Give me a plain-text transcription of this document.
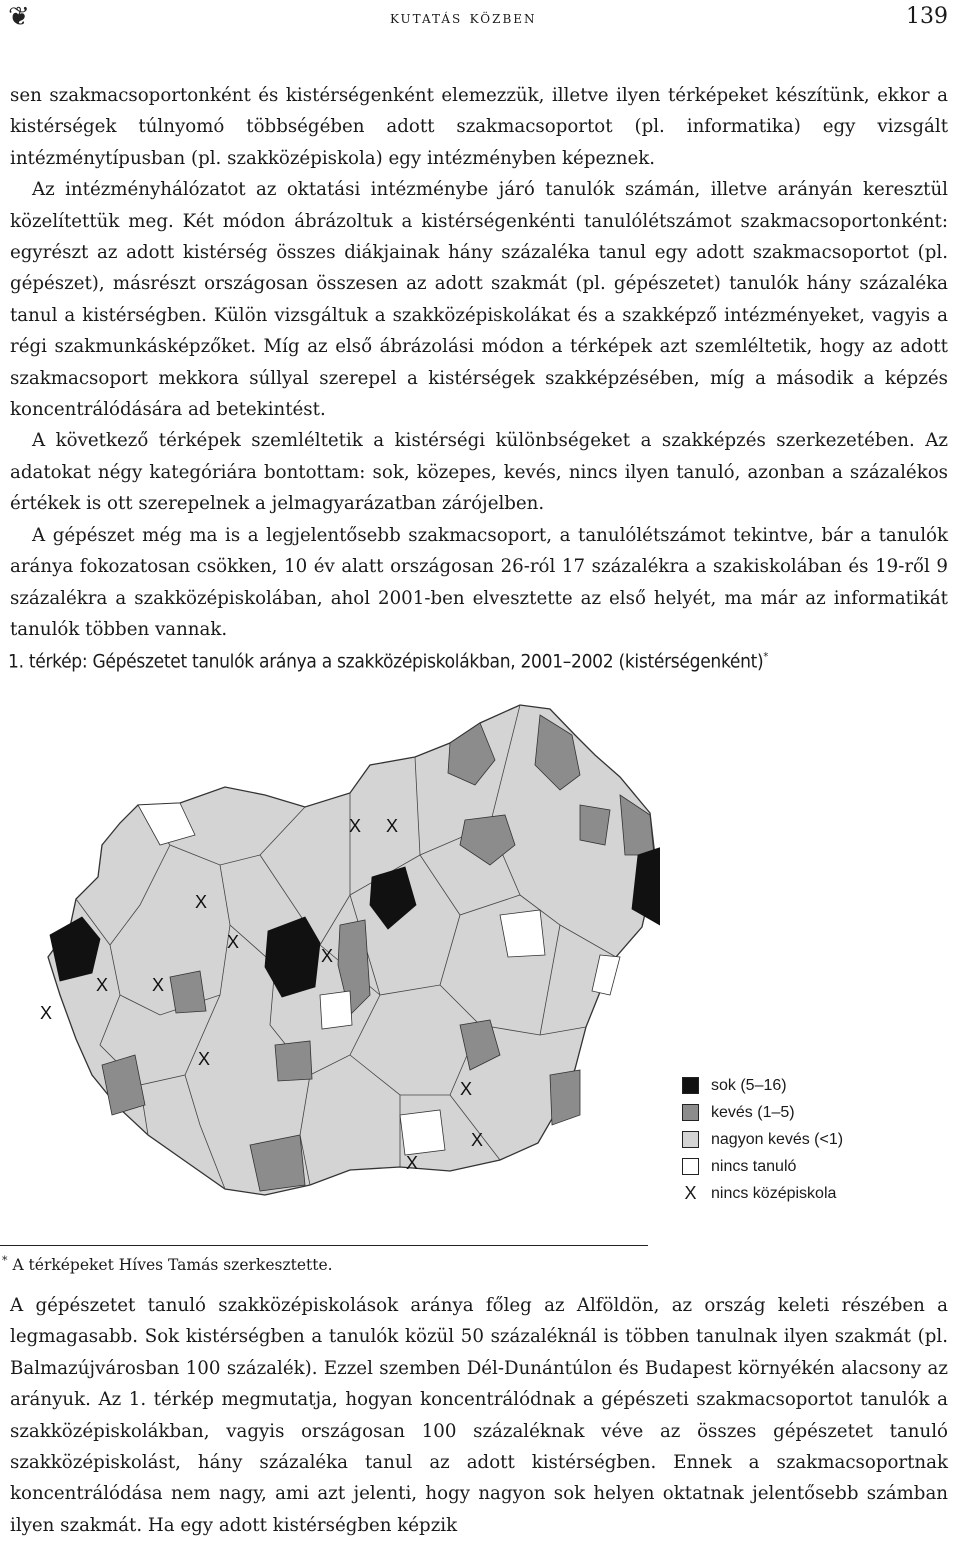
❦	kutatás közben	139

sen szakmacsoportonként és kistérségenként elemezzük, illetve ilyen térképeket készítünk, ekkor a kistérségek túlnyomó többségében adott szakmacsoportot (pl. informatika) egy vizsgált intézménytípusban (pl. szakközépiskola) egy intézményben képeznek.

Az intézményhálózatot az oktatási intézménybe járó tanulók számán, illetve arányán keresztül közelítettük meg. Két módon ábrázoltuk a kistérségenkénti tanulólétszámot szakmacsoportonként: egyrészt az adott kistérség összes diákjainak hány százaléka tanul egy adott szakmacsoportot (pl. gépészet), másrészt országosan összesen az adott szakmát (pl. gépészetet) tanulók hány százaléka tanul a kistérségben. Külön vizsgáltuk a szakközépiskolákat és a szakképző intézményeket, vagyis a régi szakmunkásképzőket. Míg az első ábrázolási módon a térképek azt szemléltetik, hogy az adott szakmacsoport mekkora súllyal szerepel a kistérségek szakképzésében, míg a második a képzés koncentrálódására ad betekintést.

A következő térképek szemléltetik a kistérségi különbségeket a szakképzés szerkezetében. Az adatokat négy kategóriára bontottam: sok, közepes, kevés, nincs ilyen tanuló, azonban a százalékos értékek is ott szerepelnek a jelmagyarázatban zárójelben.

A gépészet még ma is a legjelentősebb szakmacsoport, a tanulólétszámot tekintve, bár a tanulók aránya fokozatosan csökken, 10 év alatt országosan 26-ról 17 százalékra a szakiskolában és 19-ről 9 százalékra a szakközépiskolában, ahol 2001-ben elvesztette az első helyét, ma már az informatikát tanulók többen vannak.

1. térkép: Gépészetet tanulók aránya a szakközépiskolákban, 2001–2002 (kistérségenként)*
X X
X
X
X
X X
X
X
X
X
X
sok (5–16)
kevés (1–5)
nagyon kevés (<1)
nincs tanuló
X nincs középiskola
* A térképeket Híves Tamás szerkesztette.

A gépészetet tanuló szakközépiskolások aránya főleg az Alföldön, az ország keleti részében a legmagasabb. Sok kistérségben a tanulók közül 50 százaléknál is többen tanulnak ilyen szakmát (pl. Balmazújvárosban 100 százalék). Ezzel szemben Dél-Dunántúlon és Budapest környékén alacsony az arányuk. Az 1. térkép megmutatja, hogyan koncentrálódnak a gépészeti szakmacsoportot tanulók a szakközépiskolákban, vagyis országosan 100 százaléknak véve az összes gépészetet tanuló szakközépiskolást, hány százaléka tanul az adott kistérségben. Ennek a szakmacsoportnak koncentrálódása nem nagy, ami azt jelenti, hogy nagyon sok helyen oktatnak jelentősebb számban ilyen szakmát. Ha egy adott kistérségben képzik
